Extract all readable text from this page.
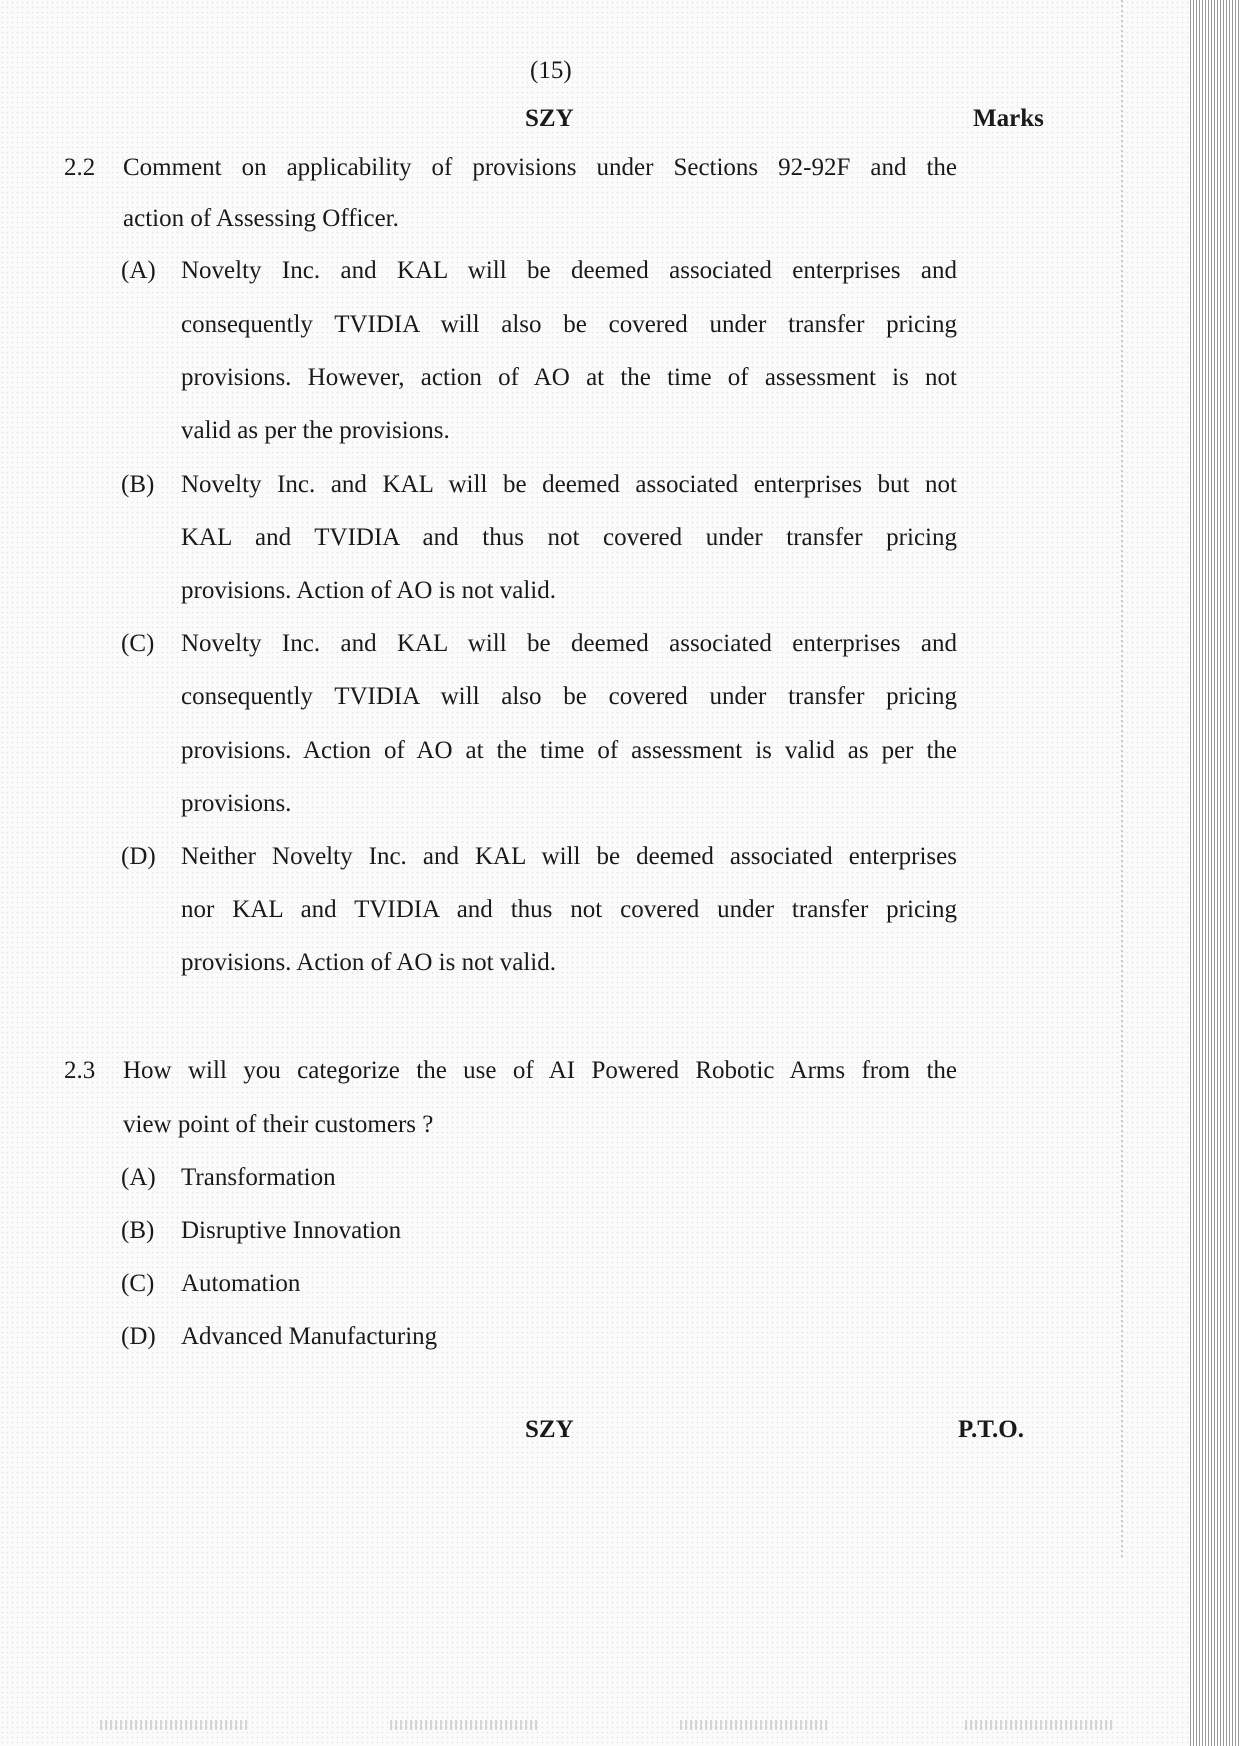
(15)
SZY	Marks
2.2 Comment on applicability of provisions under Sections 92-92F and the
action of Assessing Officer.
(A) Novelty Inc. and KAL will be deemed associated enterprises and
consequently TVIDIA will also be covered under transfer pricing
provisions. However, action of AO at the time of assessment is not
valid as per the provisions.
(B) Novelty Inc. and KAL will be deemed associated enterprises but not
KAL and TVIDIA and thus not covered under transfer pricing
provisions. Action of AO is not valid.
(C) Novelty Inc. and KAL will be deemed associated enterprises and
consequently TVIDIA will also be covered under transfer pricing
provisions. Action of AO at the time of assessment is valid as per the
provisions.
(D) Neither Novelty Inc. and KAL will be deemed associated enterprises
nor KAL and TVIDIA and thus not covered under transfer pricing
provisions. Action of AO is not valid.
2.3 How will you categorize the use of AI Powered Robotic Arms from the
view point of their customers ?
(A) Transformation
(B) Disruptive Innovation
(C) Automation
(D) Advanced Manufacturing
SZY	P.T.O.
